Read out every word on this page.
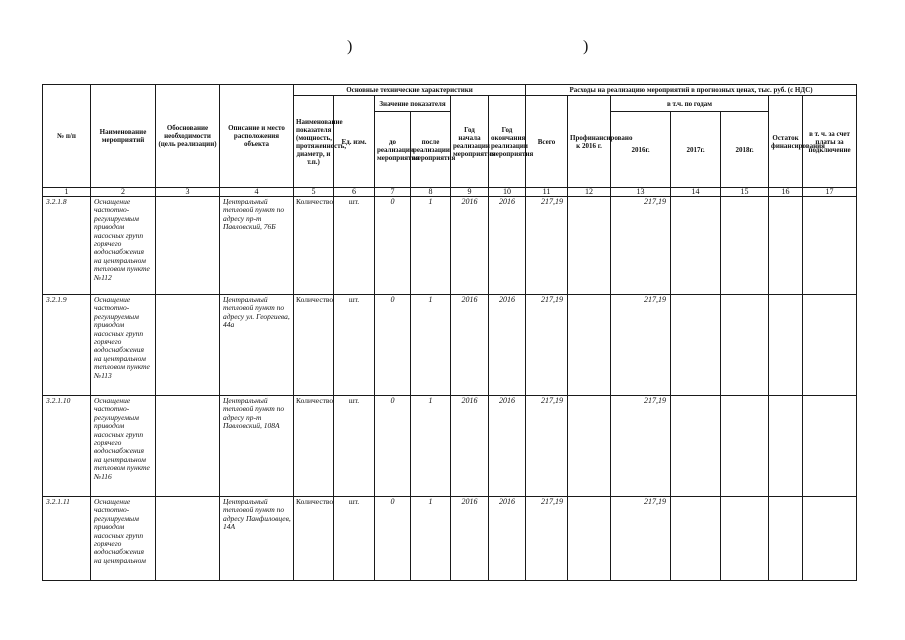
)	)
№ п/п	Наименование мероприятий	Обоснование необходимости (цель реализации)	Описание и место расположения объекта	Основные технические характеристики						Расходы на реализацию мероприятий в прогнозных ценах, тыс. руб. (с НДС)						
				Наименование показателя (мощность, протяженность, диаметр, и т.п.)	Ед. изм.	Значение показателя		Год начала реализации мероприятия	Год окончания реализации мероприятия	Всего	Профинансировано к 2016 г.	в т.ч. по годам			Остаток финансирования	в т. ч. за счет платы за подключение
						до реализации мероприятия	после реализации мероприятия					2016г.	2017г.	2018г.		
1	2	3	4	5	6	7	8	9	10	11	12	13	14	15	16	17
3.2.1.8	Оснащение частотно-регулируемым приводом насосных групп горячего водоснабжения на центральном тепловом пункте №112		Центральный тепловой пункт по адресу пр-т Павловский, 76Б	Количество	шт.	0	1	2016	2016	217,19		217,19				
3.2.1.9	Оснащение частотно-регулируемым приводом насосных групп горячего водоснабжения на центральном тепловом пункте №113		Центральный тепловой пункт по адресу ул. Георгиева, 44а	Количество	шт.	0	1	2016	2016	217,19		217,19				
3.2.1.10	Оснащение частотно-регулируемым приводом насосных групп горячего водоснабжения на центральном тепловом пункте №116		Центральный тепловой пункт по адресу пр-т Павловский, 108А	Количество	шт.	0	1	2016	2016	217,19		217,19				
3.2.1.11	Оснащение частотно-регулируемым приводом насосных групп горячего водоснабжения на центральном		Центральный тепловой пункт по адресу Панфиловцев, 14А	Количество	шт.	0	1	2016	2016	217,19		217,19				
